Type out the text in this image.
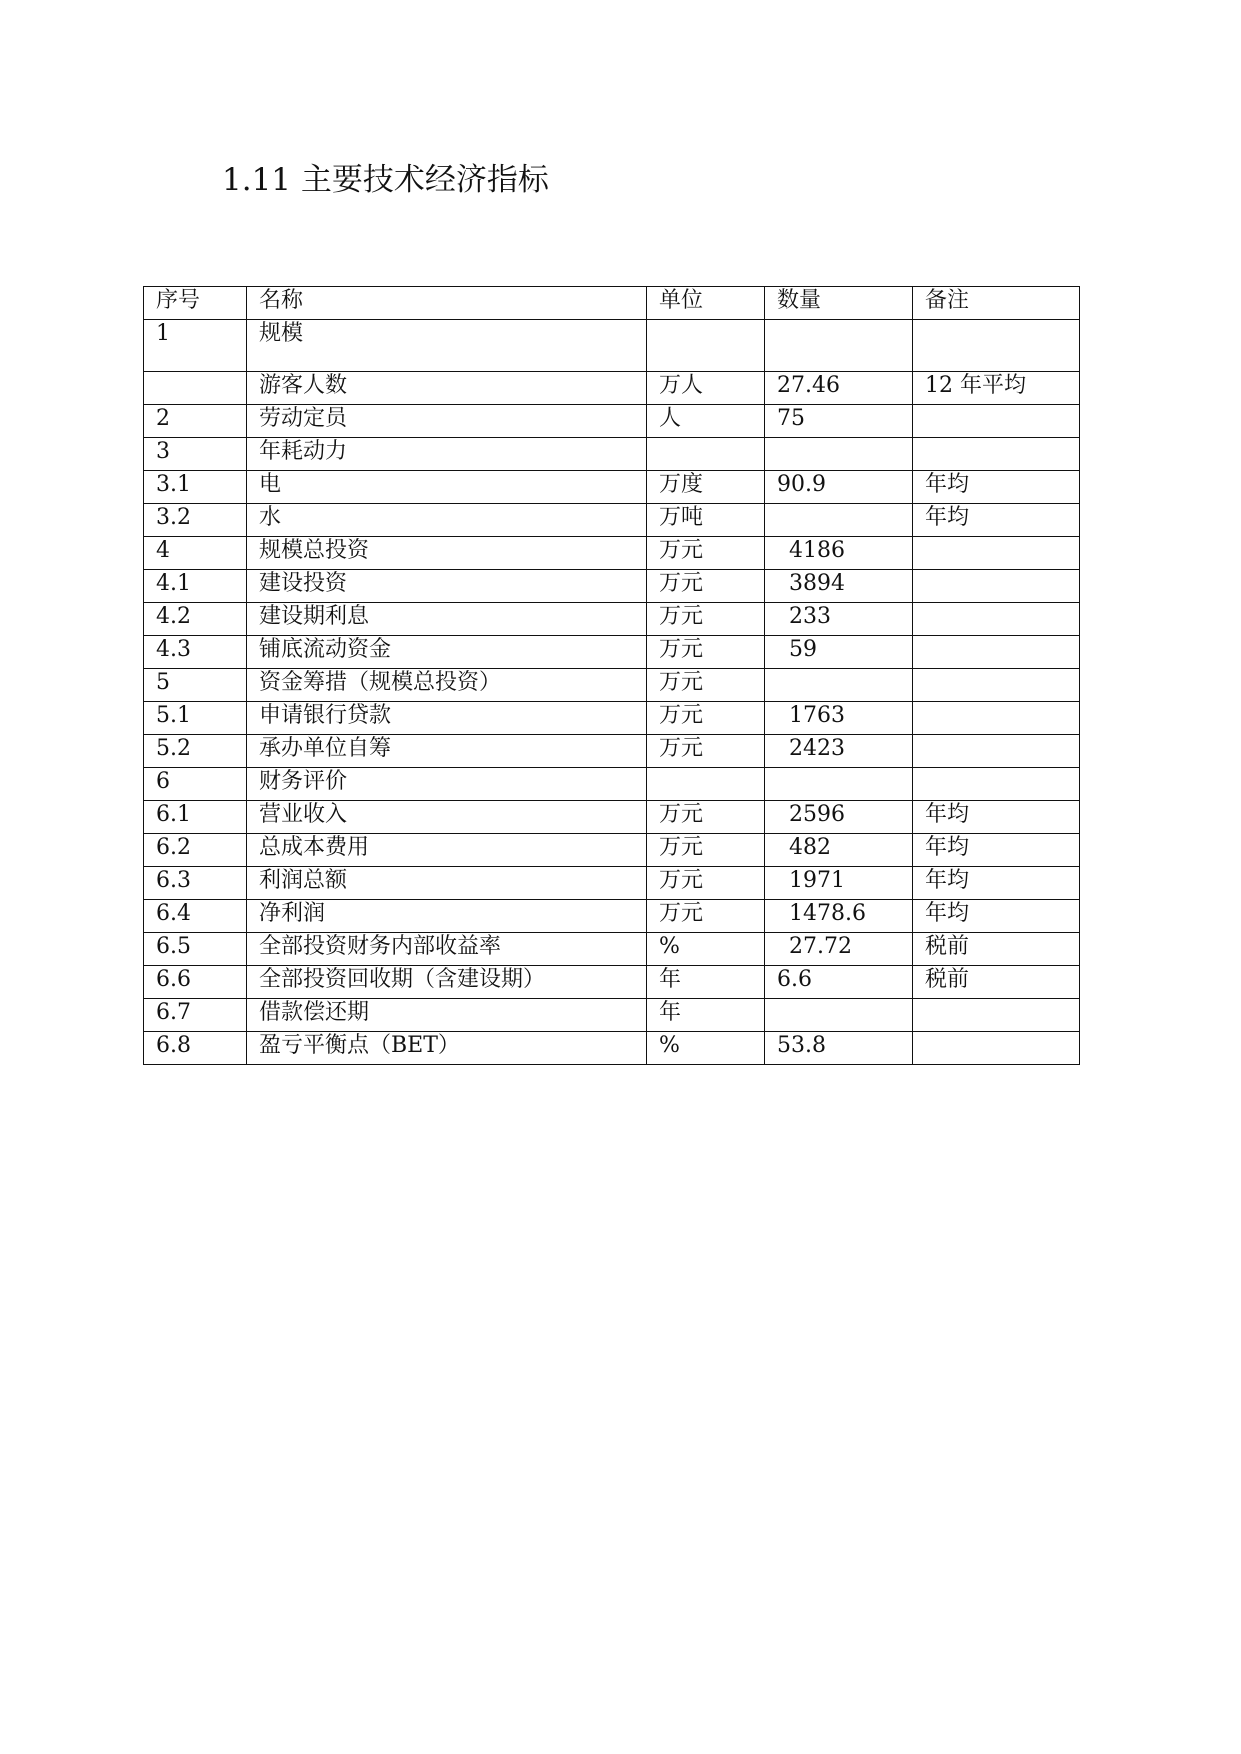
1.11 主要技术经济指标
序号	名称	单位	数量	备注
1	规模			
	游客人数	万人	27.46	12 年平均
2	劳动定员	人	75	
3	年耗动力			
3.1	电	万度	90.9	年均
3.2	水	万吨		年均
4	规模总投资	万元	4186	
4.1	建设投资	万元	3894	
4.2	建设期利息	万元	233	
4.3	铺底流动资金	万元	59	
5	资金筹措（规模总投资）	万元		
5.1	申请银行贷款	万元	1763	
5.2	承办单位自筹	万元	2423	
6	财务评价			
6.1	营业收入	万元	2596	年均
6.2	总成本费用	万元	482	年均
6.3	利润总额	万元	1971	年均
6.4	净利润	万元	1478.6	年均
6.5	全部投资财务内部收益率	%	27.72	税前
6.6	全部投资回收期（含建设期）	年	6.6	税前
6.7	借款偿还期	年		
6.8	盈亏平衡点（BET）	%	53.8	
